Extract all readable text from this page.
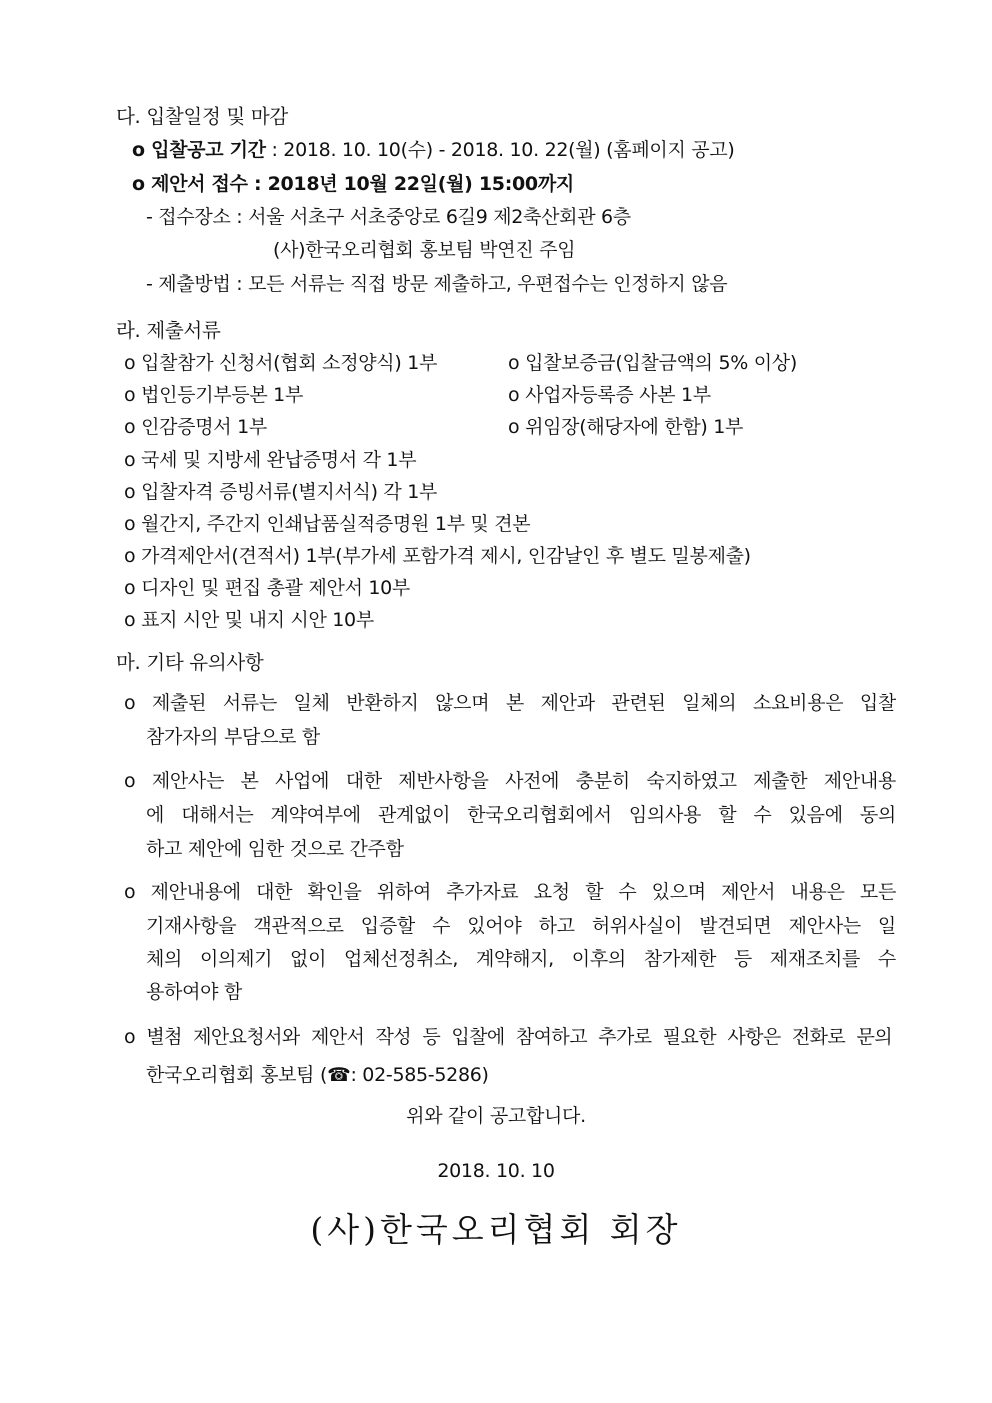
다. 입찰일정 및 마감
o 입찰공고 기간 : 2018. 10. 10(수) - 2018. 10. 22(월) (홈페이지 공고)
o 제안서 접수 : 2018년 10월 22일(월) 15:00까지
- 접수장소 : 서울 서초구 서초중앙로 6길9 제2축산회관 6층
(사)한국오리협회 홍보팀 박연진 주임
- 제출방법 : 모든 서류는 직접 방문 제출하고, 우편접수는 인정하지 않음
라. 제출서류
o 입찰참가 신청서(협회 소정양식) 1부	o 입찰보증금(입찰금액의 5% 이상)
o 법인등기부등본 1부	o 사업자등록증 사본 1부
o 인감증명서 1부	o 위임장(해당자에 한함) 1부
o 국세 및 지방세 완납증명서 각 1부
o 입찰자격 증빙서류(별지서식) 각 1부
o 월간지, 주간지 인쇄납품실적증명원 1부 및 견본
o 가격제안서(견적서) 1부(부가세 포함가격 제시, 인감날인 후 별도 밀봉제출)
o 디자인 및 편집 총괄 제안서 10부
o 표지 시안 및 내지 시안 10부
마. 기타 유의사항
o 제출된 서류는 일체 반환하지 않으며 본 제안과 관련된 일체의 소요비용은 입찰
참가자의 부담으로 함
o 제안사는 본 사업에 대한 제반사항을 사전에 충분히 숙지하였고 제출한 제안내용
에 대해서는 계약여부에 관계없이 한국오리협회에서 임의사용 할 수 있음에 동의
하고 제안에 임한 것으로 간주함
o 제안내용에 대한 확인을 위하여 추가자료 요청 할 수 있으며 제안서 내용은 모든
기재사항을 객관적으로 입증할 수 있어야 하고 허위사실이 발견되면 제안사는 일
체의 이의제기 없이 업체선정취소, 계약해지, 이후의 참가제한 등 제재조치를 수
용하여야 함
o 별첨 제안요청서와 제안서 작성 등 입찰에 참여하고 추가로 필요한 사항은 전화로 문의
한국오리협회 홍보팀 (☎: 02-585-5286)
위와 같이 공고합니다.
2018. 10. 10
(사)한국오리협회 회장
